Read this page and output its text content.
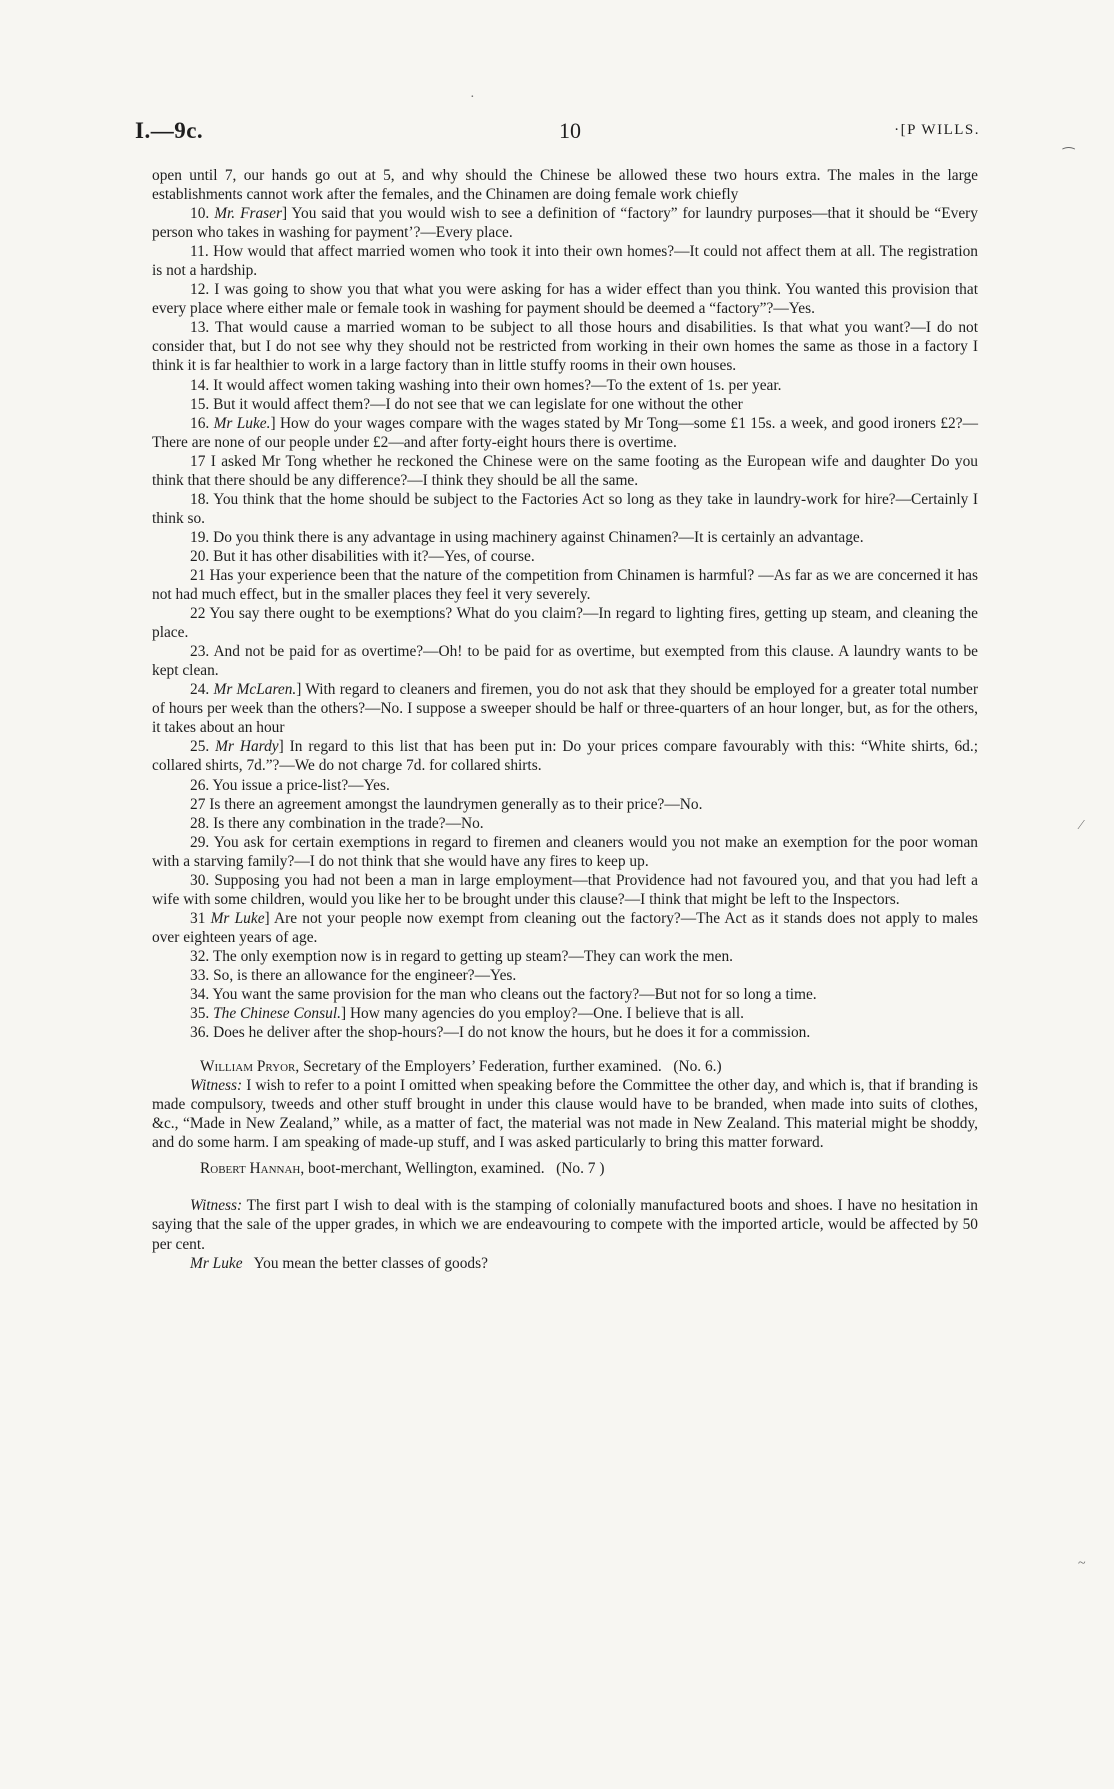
I.—9c.	10	·[P WILLS.

open until 7, our hands go out at 5, and why should the Chinese be allowed these two hours extra. The males in the large establishments cannot work after the females, and the Chinamen are doing female work chiefly

10. Mr. Fraser] You said that you would wish to see a definition of “factory” for laundry purposes—that it should be “Every person who takes in washing for payment’?—Every place.

11. How would that affect married women who took it into their own homes?—It could not affect them at all. The registration is not a hardship.

12. I was going to show you that what you were asking for has a wider effect than you think. You wanted this provision that every place where either male or female took in washing for payment should be deemed a “factory”?—Yes.

13. That would cause a married woman to be subject to all those hours and disabilities. Is that what you want?—I do not consider that, but I do not see why they should not be restricted from working in their own homes the same as those in a factory I think it is far healthier to work in a large factory than in little stuffy rooms in their own houses.

14. It would affect women taking washing into their own homes?—To the extent of 1s. per year.

15. But it would affect them?—I do not see that we can legislate for one without the other

16. Mr Luke.] How do your wages compare with the wages stated by Mr Tong—some £1 15s. a week, and good ironers £2?—There are none of our people under £2—and after forty-eight hours there is overtime.

17 I asked Mr Tong whether he reckoned the Chinese were on the same footing as the European wife and daughter Do you think that there should be any difference?—I think they should be all the same.

18. You think that the home should be subject to the Factories Act so long as they take in laundry-work for hire?—Certainly I think so.

19. Do you think there is any advantage in using machinery against Chinamen?—It is certainly an advantage.

20. But it has other disabilities with it?—Yes, of course.

21 Has your experience been that the nature of the competition from Chinamen is harmful? —As far as we are concerned it has not had much effect, but in the smaller places they feel it very severely.

22 You say there ought to be exemptions? What do you claim?—In regard to lighting fires, getting up steam, and cleaning the place.

23. And not be paid for as overtime?—Oh! to be paid for as overtime, but exempted from this clause. A laundry wants to be kept clean.

24. Mr McLaren.] With regard to cleaners and firemen, you do not ask that they should be employed for a greater total number of hours per week than the others?—No. I suppose a sweeper should be half or three-quarters of an hour longer, but, as for the others, it takes about an hour

25. Mr Hardy] In regard to this list that has been put in: Do your prices compare favourably with this: “White shirts, 6d.; collared shirts, 7d.”?—We do not charge 7d. for collared shirts.

26. You issue a price-list?—Yes.

27 Is there an agreement amongst the laundrymen generally as to their price?—No.

28. Is there any combination in the trade?—No.

29. You ask for certain exemptions in regard to firemen and cleaners would you not make an exemption for the poor woman with a starving family?—I do not think that she would have any fires to keep up.

30. Supposing you had not been a man in large employment—that Providence had not favoured you, and that you had left a wife with some children, would you like her to be brought under this clause?—I think that might be left to the Inspectors.

31 Mr Luke] Are not your people now exempt from cleaning out the factory?—The Act as it stands does not apply to males over eighteen years of age.

32. The only exemption now is in regard to getting up steam?—They can work the men.

33. So, is there an allowance for the engineer?—Yes.

34. You want the same provision for the man who cleans out the factory?—But not for so long a time.

35. The Chinese Consul.] How many agencies do you employ?—One. I believe that is all.

36. Does he deliver after the shop-hours?—I do not know the hours, but he does it for a commission.

William Pryor, Secretary of the Employers’ Federation, further examined. (No. 6.)

Witness: I wish to refer to a point I omitted when speaking before the Committee the other day, and which is, that if branding is made compulsory, tweeds and other stuff brought in under this clause would have to be branded, when made into suits of clothes, &c., “Made in New Zealand,” while, as a matter of fact, the material was not made in New Zealand. This material might be shoddy, and do some harm. I am speaking of made-up stuff, and I was asked particularly to bring this matter forward.

Robert Hannah, boot-merchant, Wellington, examined. (No. 7 )

Witness: The first part I wish to deal with is the stamping of colonially manufactured boots and shoes. I have no hesitation in saying that the sale of the upper grades, in which we are endeavouring to compete with the imported article, would be affected by 50 per cent.

Mr Luke You mean the better classes of goods?

⁀
⁄
~
·
